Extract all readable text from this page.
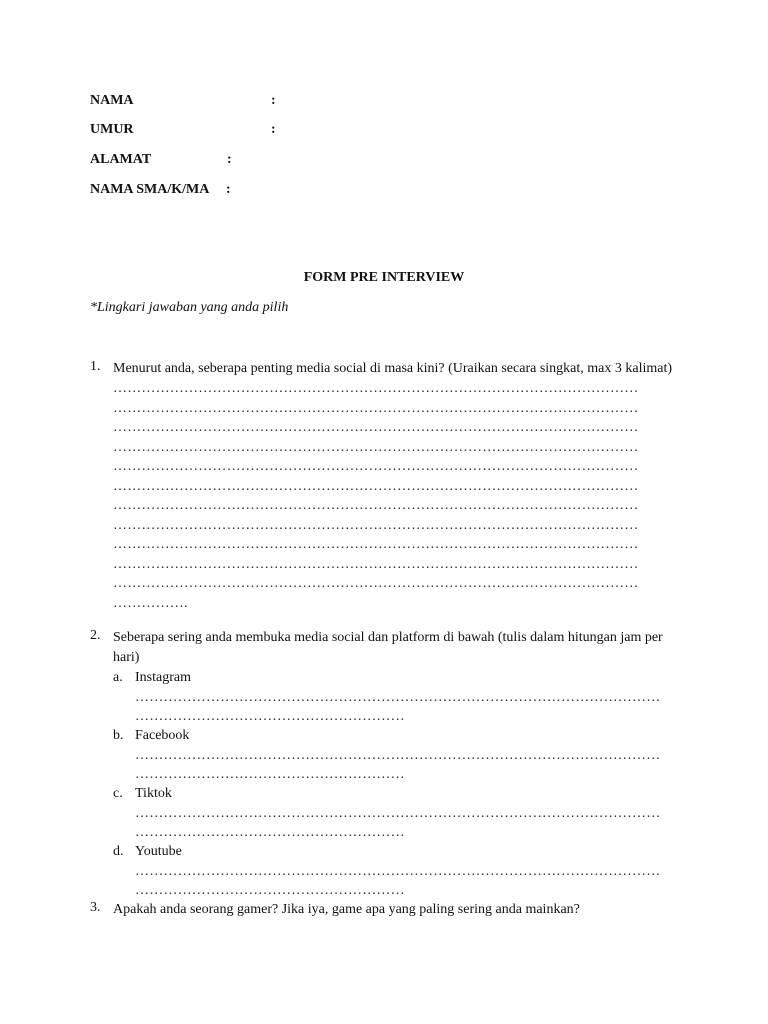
NAMA	:
UMUR	:
ALAMAT	:
NAMA SMA/K/MA :
FORM PRE INTERVIEW
*Lingkari jawaban yang anda pilih
1. Menurut anda, seberapa penting media social di masa kini? (Uraikan secara singkat, max 3 kalimat)
…………………………………………………………………………………………………
…………………………………………………………………………………………………
…………………………………………………………………………………………………
…………………………………………………………………………………………………
…………………………………………………………………………………………………
…………………………………………………………………………………………………
…………………………………………………………………………………………………
…………………………………………………………………………………………………
…………………………………………………………………………………………………
…………………………………………………………………………………………………
…………………………………………………………………………………………………
…………….
2. Seberapa sering anda membuka media social dan platform di bawah (tulis dalam hitungan jam per hari)
a. Instagram
…………………………………………………………………………………………………
…………………………………………………
b. Facebook
…………………………………………………………………………………………………
…………………………………………………
c. Tiktok
…………………………………………………………………………………………………
…………………………………………………
d. Youtube
…………………………………………………………………………………………………
…………………………………………………
3. Apakah anda seorang gamer? Jika iya, game apa yang paling sering anda mainkan?
